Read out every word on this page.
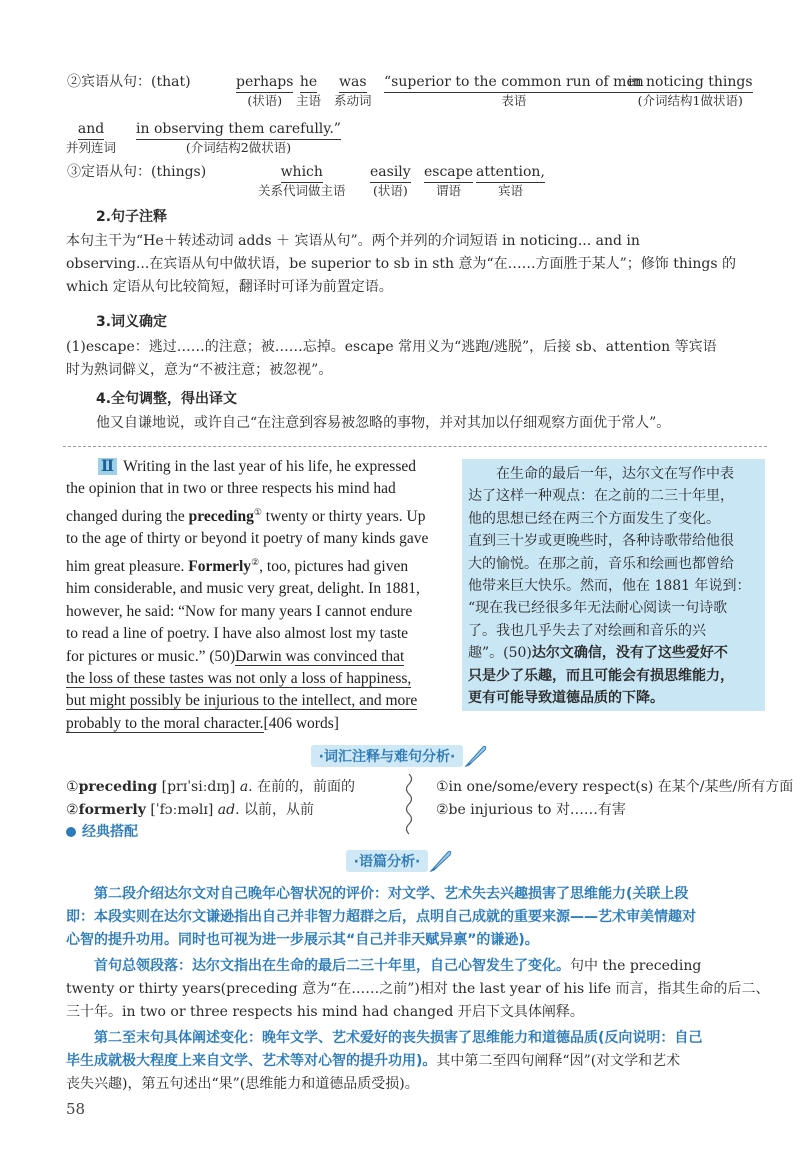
②宾语从句：(that)	perhaps
(状语)
he
主语
was
系动词
“superior to the common run of men
表语
in noticing things
(介词结构1做状语)
and
并列连词
in observing them carefully.”
(介词结构2做状语)
③定语从句：(things)	which
关系代词做主语
easily
(状语)
escape
谓语
attention,
宾语
2.句子注释
本句主干为“He＋转述动词 adds ＋ 宾语从句”。两个并列的介词短语 in noticing... and in
observing...在宾语从句中做状语，be superior to sb in sth 意为“在……方面胜于某人”；修饰 things 的
which 定语从句比较简短，翻译时可译为前置定语。
3.词义确定
(1)escape：逃过……的注意；被……忘掉。escape 常用义为“逃跑/逃脱”，后接 sb、attention 等宾语
时为熟词僻义，意为“不被注意；被忽视”。
4.全句调整，得出译文
他又自谦地说，或许自己“在注意到容易被忽略的事物，并对其加以仔细观察方面优于常人”。
Ⅱ Writing in the last year of his life, he expressed
the opinion that in two or three respects his mind had
changed during the preceding① twenty or thirty years. Up
to the age of thirty or beyond it poetry of many kinds gave
him great pleasure. Formerly②, too, pictures had given
him considerable, and music very great, delight. In 1881,
however, he said: “Now for many years I cannot endure
to read a line of poetry. I have also almost lost my taste
for pictures or music.” (50)Darwin was convinced that
the loss of these tastes was not only a loss of happiness,
but might possibly be injurious to the intellect, and more
probably to the moral character.[406 words]
在生命的最后一年，达尔文在写作中表
达了这样一种观点：在之前的二三十年里，
他的思想已经在两三个方面发生了变化。
直到三十岁或更晚些时，各种诗歌带给他很
大的愉悦。在那之前，音乐和绘画也都曾给
他带来巨大快乐。然而，他在 1881 年说到：
“现在我已经很多年无法耐心阅读一句诗歌
了。我也几乎失去了对绘画和音乐的兴
趣”。(50)达尔文确信，没有了这些爱好不
只是少了乐趣，而且可能会有损思维能力，
更有可能导致道德品质的下降。
·词汇注释与难句分析·
①preceding [prɪˈsiːdɪŋ] a. 在前的，前面的
②formerly [ˈfɔːməlɪ] ad. 以前，从前
①in one/some/every respect(s) 在某个/某些/所有方面
②be injurious to 对……有害
经典搭配
·语篇分析·
第二段介绍达尔文对自己晚年心智状况的评价：对文学、艺术失去兴趣损害了思维能力(关联上段
即：本段实则在达尔文谦逊指出自己并非智力超群之后，点明自己成就的重要来源——艺术审美情趣对
心智的提升功用。同时也可视为进一步展示其“自己并非天赋异禀”的谦逊)。
首句总领段落：达尔文指出在生命的最后二三十年里，自己心智发生了变化。句中 the preceding
twenty or thirty years(preceding 意为“在……之前”)相对 the last year of his life 而言，指其生命的后二、
三十年。in two or three respects his mind had changed 开启下文具体阐释。
第二至末句具体阐述变化：晚年文学、艺术爱好的丧失损害了思维能力和道德品质(反向说明：自己
毕生成就极大程度上来自文学、艺术等对心智的提升功用)。其中第二至四句阐释“因”(对文学和艺术
丧失兴趣)，第五句述出“果”(思维能力和道德品质受损)。
58
